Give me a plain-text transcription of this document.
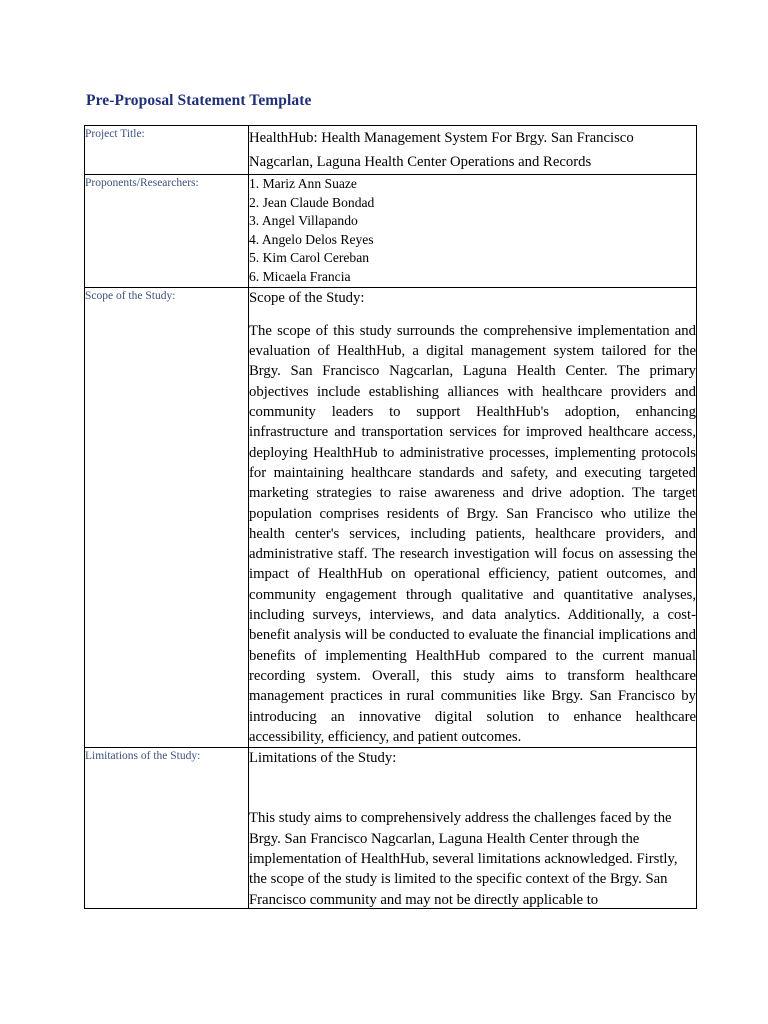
Pre-Proposal Statement Template
Project Title:	HealthHub: Health Management System For Brgy. San Francisco Nagcarlan, Laguna Health Center Operations and Records

Proponents/Researchers:	1. Mariz Ann Suaze
2. Jean Claude Bondad
3. Angel Villapando
4. Angelo Delos Reyes
5. Kim Carol Cereban
6. Micaela Francia

Scope of the Study:	Scope of the Study:
The scope of this study surrounds the comprehensive implementation and evaluation of HealthHub, a digital management system tailored for the Brgy. San Francisco Nagcarlan, Laguna Health Center. The primary objectives include establishing alliances with healthcare providers and community leaders to support HealthHub's adoption, enhancing infrastructure and transportation services for improved healthcare access, deploying HealthHub to administrative processes, implementing protocols for maintaining healthcare standards and safety, and executing targeted marketing strategies to raise awareness and drive adoption. The target population comprises residents of Brgy. San Francisco who utilize the health center's services, including patients, healthcare providers, and administrative staff. The research investigation will focus on assessing the impact of HealthHub on operational efficiency, patient outcomes, and community engagement through qualitative and quantitative analyses, including surveys, interviews, and data analytics. Additionally, a cost-benefit analysis will be conducted to evaluate the financial implications and benefits of implementing HealthHub compared to the current manual recording system. Overall, this study aims to transform healthcare management practices in rural communities like Brgy. San Francisco by introducing an innovative digital solution to enhance healthcare accessibility, efficiency, and patient outcomes.

Limitations of the Study:	Limitations of the Study:
This study aims to comprehensively address the challenges faced by the Brgy. San Francisco Nagcarlan, Laguna Health Center through the implementation of HealthHub, several limitations acknowledged. Firstly, the scope of the study is limited to the specific context of the Brgy. San Francisco community and may not be directly applicable to
